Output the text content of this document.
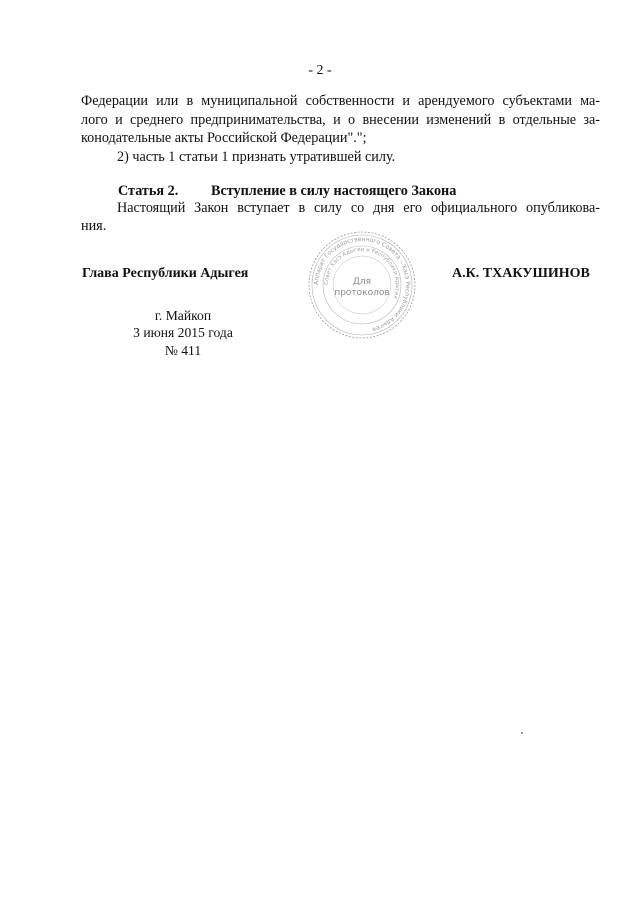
- 2 -
Федерации или в муниципальной собственности и арендуемого субъектами ма-
лого и среднего предпринимательства, и о внесении изменений в отдельные за-
конодательные акты Российской Федерации".";
2) часть 1 статьи 1 признать утратившей силу.
Статья 2. Вступление в силу настоящего Закона
Настоящий Закон вступает в силу со дня его официального опубликова-
ния.
Глава Республики Адыгея	А.К. ТХАКУШИНОВ
Аппарат Государственного Совета – Хасэ Республики Адыгея
Совет Хасэ Адыгеи и Республики Адыгея
Для
протоколов
г. Майкоп
3 июня 2015 года
№ 411
